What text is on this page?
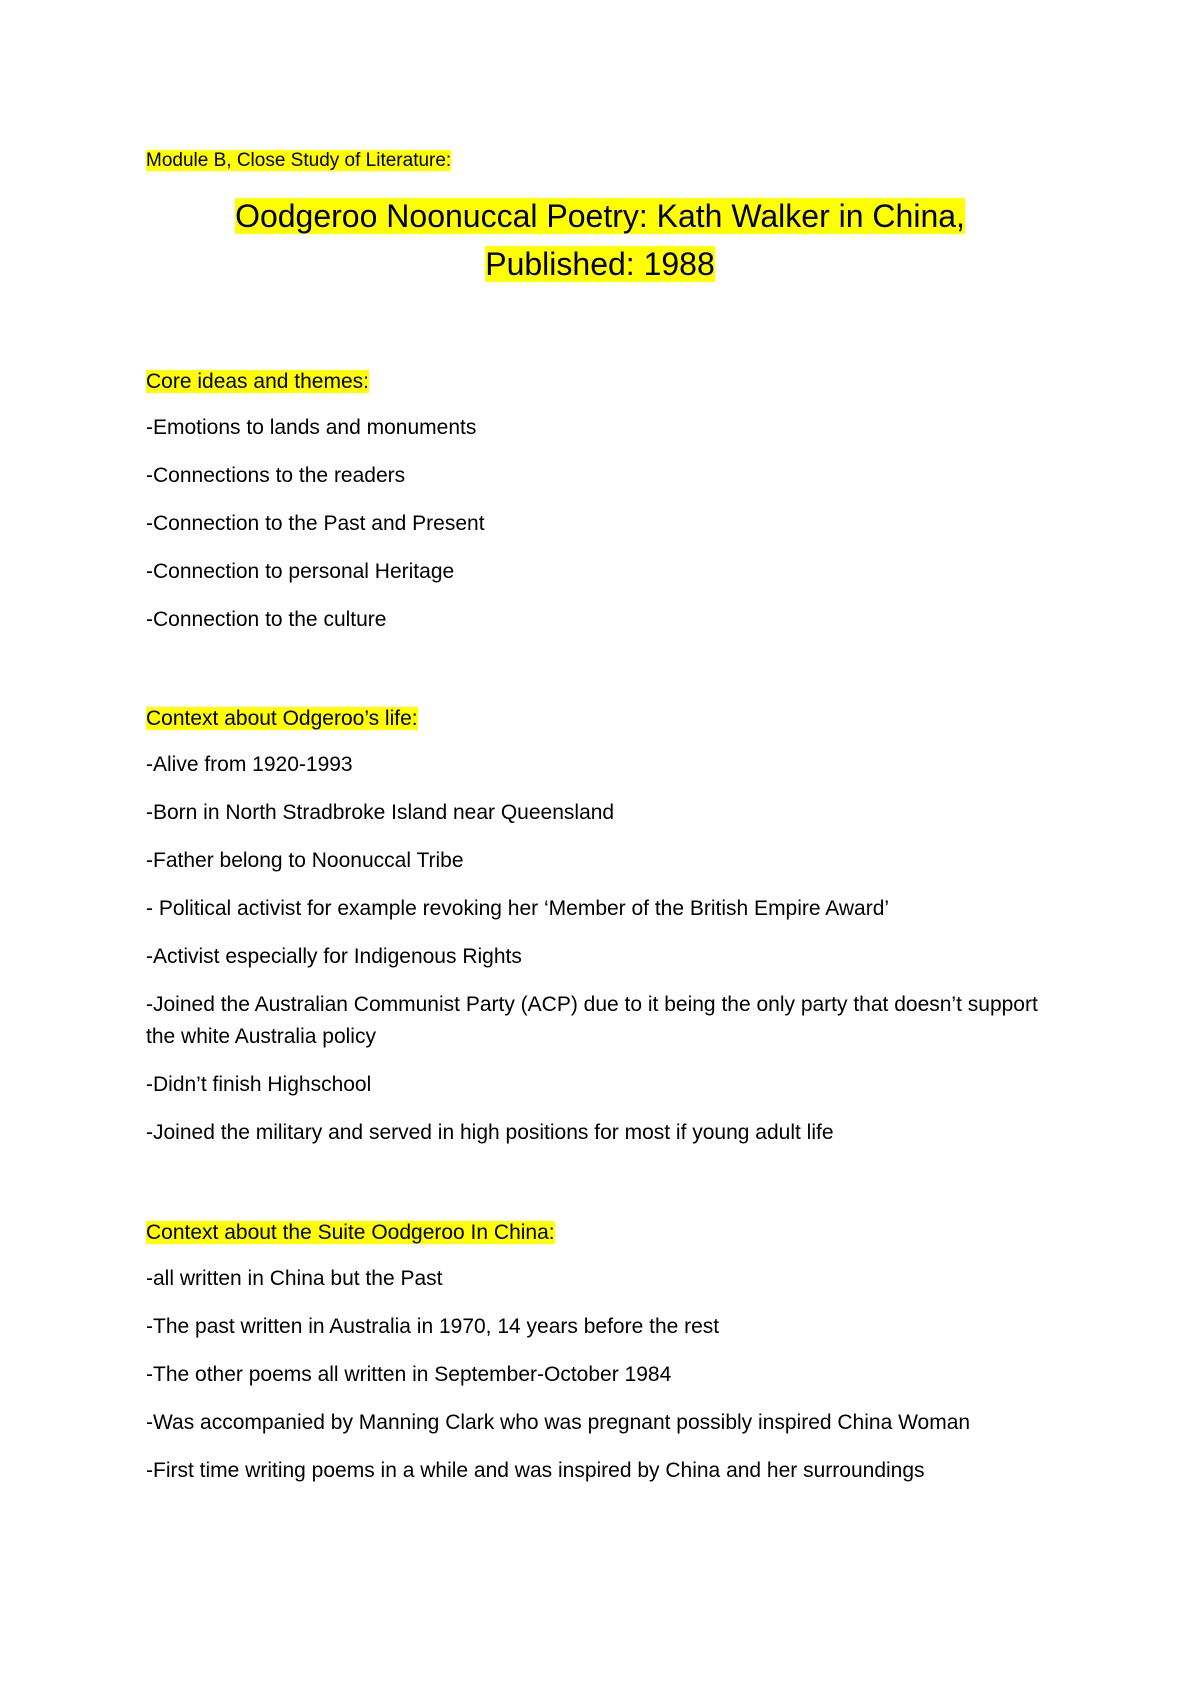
Module B, Close Study of Literature:
Oodgeroo Noonuccal Poetry: Kath Walker in China,
Published: 1988
Core ideas and themes:
-Emotions to lands and monuments
-Connections to the readers
-Connection to the Past and Present
-Connection to personal Heritage
-Connection to the culture
Context about Odgeroo’s life:
-Alive from 1920-1993
-Born in North Stradbroke Island near Queensland
-Father belong to Noonuccal Tribe
- Political activist for example revoking her ‘Member of the British Empire Award’
-Activist especially for Indigenous Rights
-Joined the Australian Communist Party (ACP) due to it being the only party that doesn’t support the white Australia policy
-Didn’t finish Highschool
-Joined the military and served in high positions for most if young adult life
Context about the Suite Oodgeroo In China:
-all written in China but the Past
-The past written in Australia in 1970, 14 years before the rest
-The other poems all written in September-October 1984
-Was accompanied by Manning Clark who was pregnant possibly inspired China Woman
-First time writing poems in a while and was inspired by China and her surroundings
